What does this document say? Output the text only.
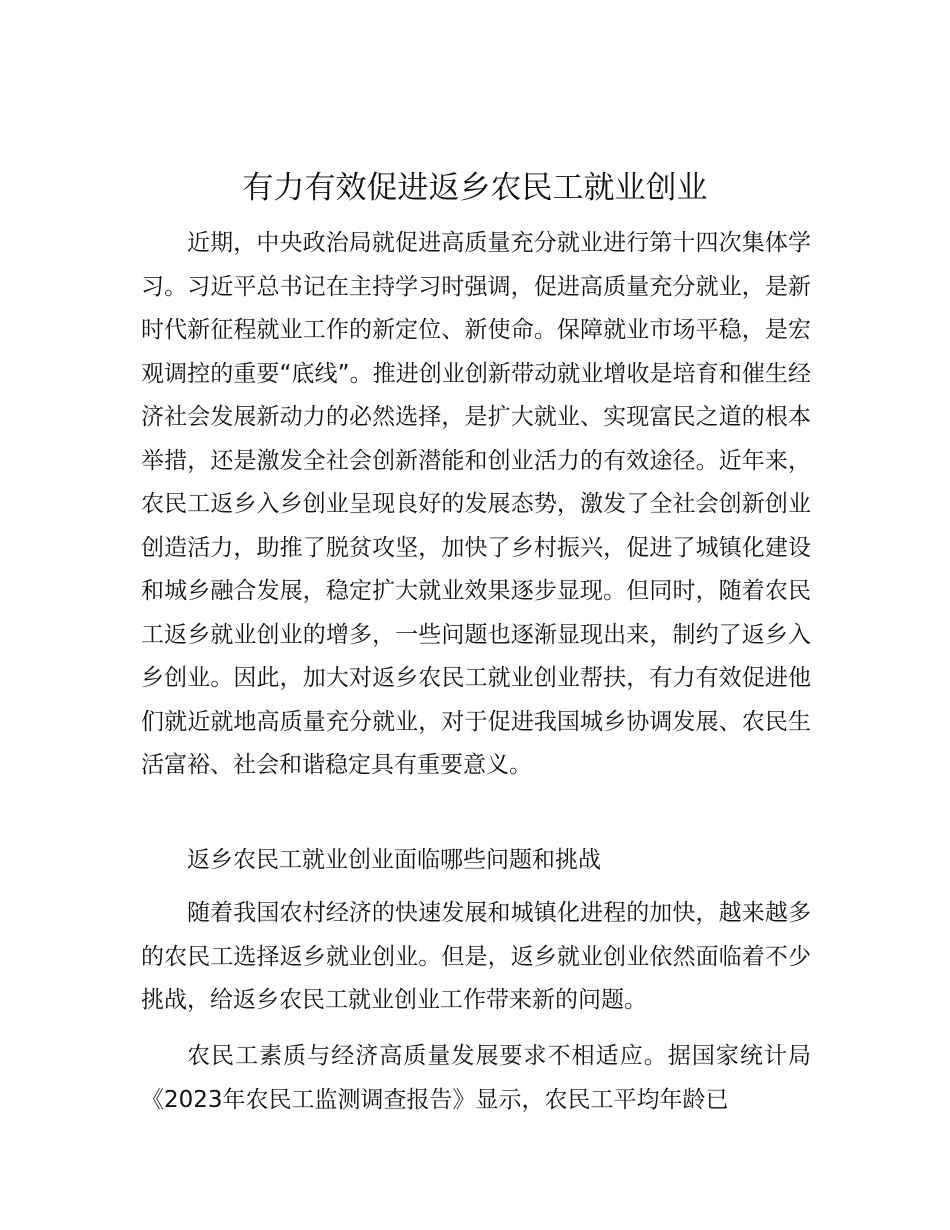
有力有效促进返乡农民工就业创业

近期，中央政治局就促进高质量充分就业进行第十四次集体学习。习近平总书记在主持学习时强调，促进高质量充分就业，是新时代新征程就业工作的新定位、新使命。保障就业市场平稳，是宏观调控的重要“底线”。推进创业创新带动就业增收是培育和催生经济社会发展新动力的必然选择，是扩大就业、实现富民之道的根本举措，还是激发全社会创新潜能和创业活力的有效途径。近年来，农民工返乡入乡创业呈现良好的发展态势，激发了全社会创新创业创造活力，助推了脱贫攻坚，加快了乡村振兴，促进了城镇化建设和城乡融合发展，稳定扩大就业效果逐步显现。但同时，随着农民工返乡就业创业的增多，一些问题也逐渐显现出来，制约了返乡入乡创业。因此，加大对返乡农民工就业创业帮扶，有力有效促进他们就近就地高质量充分就业，对于促进我国城乡协调发展、农民生活富裕、社会和谐稳定具有重要意义。

返乡农民工就业创业面临哪些问题和挑战

随着我国农村经济的快速发展和城镇化进程的加快，越来越多的农民工选择返乡就业创业。但是，返乡就业创业依然面临着不少挑战，给返乡农民工就业创业工作带来新的问题。

农民工素质与经济高质量发展要求不相适应。据国家统计局《2023年农民工监测调查报告》显示，农民工平均年龄已
